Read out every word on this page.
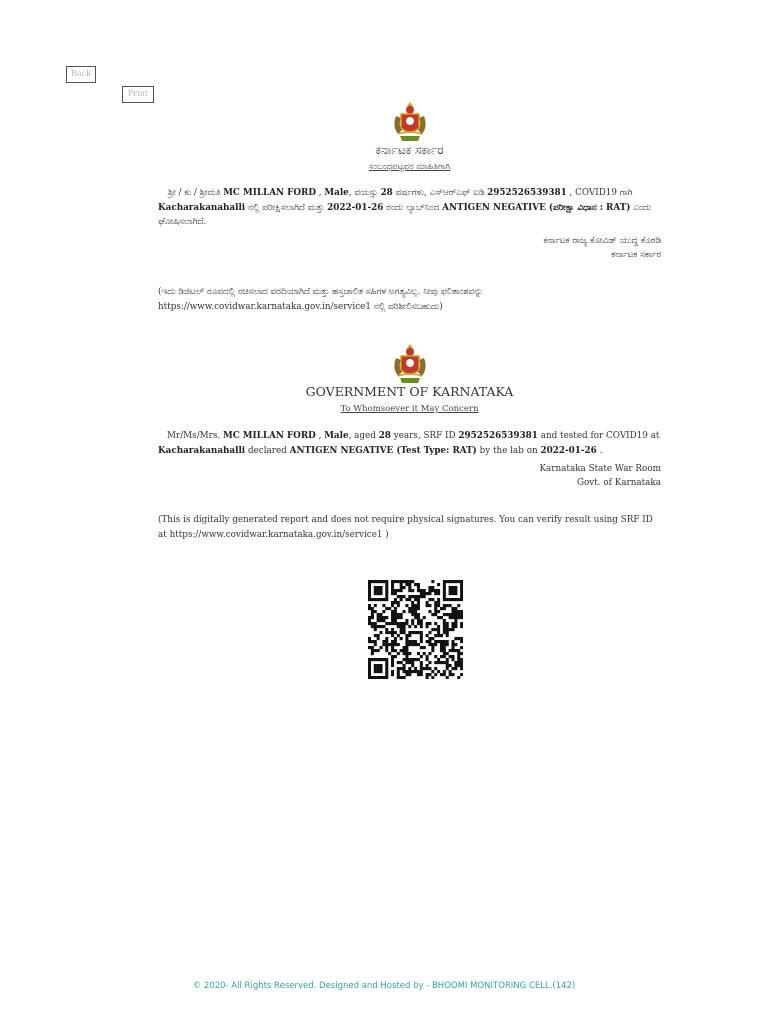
Back
Print
ಕರ್ನಾಟಕ ಸರ್ಕಾರ
ಸಂಬಂಧಪಟ್ಟವರ ಮಾಹಿತಿಗಾಗಿ
ಶ್ರೀ / ಕು / ಶ್ರೀಮತಿ MC MILLAN FORD , Male, ವಯಸ್ಸು 28 ವರ್ಷಗಳು, ಎಸ್‌ಆರ್‌ಎಫ್ ಐಡಿ 2952526539381 , COVID19 ಗಾಗಿ Kacharakanahalli ನಲ್ಲಿ ಪರೀಕ್ಷಿಸಲಾಗಿದೆ ಮತ್ತು 2022-01-26 ರಂದು ಲ್ಯಾಬ್‌ನಿಂದ ANTIGEN NEGATIVE (ಪರೀಕ್ಷಾ ವಿಧಾನ : RAT) ಎಂದು ಘೋಷಿಸಲಾಗಿದೆ.
ಕರ್ನಾಟಕ ರಾಜ್ಯ ಕೋವಿಡ್ ಯುದ್ಧ ಕೊಠಡಿ
ಕರ್ನಾಟಕ ಸರ್ಕಾರ
(ಇದು ಡಿಜಿಟಲ್ ರೂಪದಲ್ಲಿ ರಚಿಸಲಾದ ವರದಿಯಾಗಿದೆ ಮತ್ತು ಹಸ್ತಚಾಲಿತ ಸಹಿಗಳ ಅಗತ್ಯವಿಲ್ಲ. ನೀವು ಫಲಿತಾಂಶವನ್ನು https://www.covidwar.karnataka.gov.in/service1 ನಲ್ಲಿ ಪರಿಶೀಲಿಸಬಹುದು)
GOVERNMENT OF KARNATAKA
To Whomsoever it May Concern
Mr/Ms/Mrs. MC MILLAN FORD , Male, aged 28 years, SRF ID 2952526539381 and tested for COVID19 at Kacharakanahalli declared ANTIGEN NEGATIVE (Test Type: RAT) by the lab on 2022-01-26 .
Karnataka State War Room
Govt. of Karnataka
(This is digitally generated report and does not require physical signatures. You can verify result using SRF ID at https://www.covidwar.karnataka.gov.in/service1 )
© 2020- All Rights Reserved. Designed and Hosted by - BHOOMI MONITORING CELL.(142)
